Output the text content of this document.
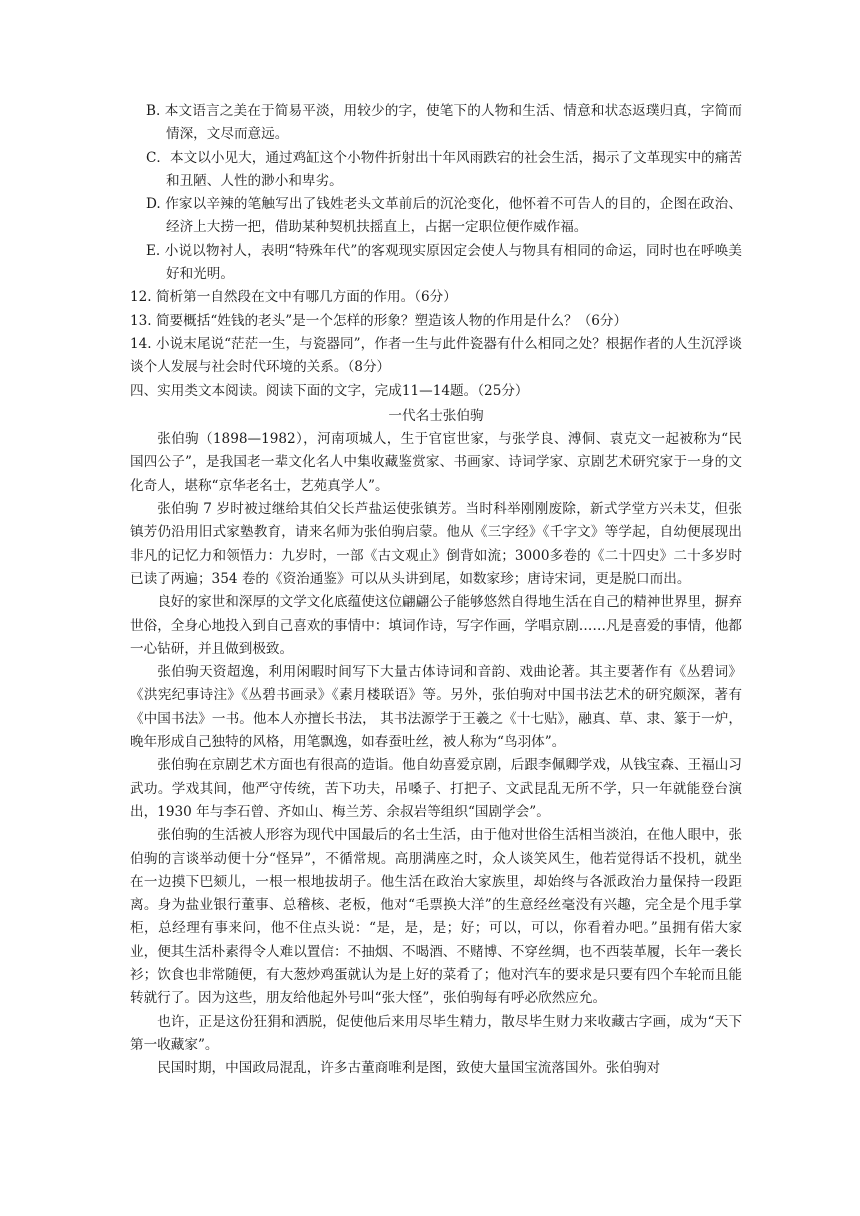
B. 本文语言之美在于简易平淡，用较少的字，使笔下的人物和生活、情意和状态返璞归真，字简而情深，文尽而意远。
C．本文以小见大，通过鸡缸这个小物件折射出十年风雨跌宕的社会生活，揭示了文革现实中的痛苦和丑陋、人性的渺小和卑劣。
D. 作家以辛辣的笔触写出了钱姓老头文革前后的沉沦变化，他怀着不可告人的目的，企图在政治、经济上大捞一把，借助某种契机扶摇直上，占据一定职位便作威作福。
E. 小说以物衬人，表明“特殊年代”的客观现实原因定会使人与物具有相同的命运，同时也在呼唤美好和光明。
12. 简析第一自然段在文中有哪几方面的作用。（6分）
13. 简要概括“姓钱的老头”是一个怎样的形象？塑造该人物的作用是什么？（6分）
14. 小说末尾说“茫茫一生，与瓷器同”，作者一生与此件瓷器有什么相同之处？根据作者的人生沉浮谈谈个人发展与社会时代环境的关系。（8分）
四、实用类文本阅读。阅读下面的文字，完成11—14题。（25分）
一代名士张伯驹
张伯驹（1898—1982），河南项城人，生于官宦世家，与张学良、溥侗、袁克文一起被称为“民国四公子”，是我国老一辈文化名人中集收藏鉴赏家、书画家、诗词学家、京剧艺术研究家于一身的文化奇人，堪称“京华老名士，艺苑真学人”。
张伯驹 7 岁时被过继给其伯父长芦盐运使张镇芳。当时科举刚刚废除，新式学堂方兴未艾，但张镇芳仍沿用旧式家塾教育，请来名师为张伯驹启蒙。他从《三字经》《千字文》等学起，自幼便展现出非凡的记忆力和领悟力：九岁时，一部《古文观止》倒背如流；3000多卷的《二十四史》二十多岁时已读了两遍；354 卷的《资治通鉴》可以从头讲到尾，如数家珍；唐诗宋词，更是脱口而出。
良好的家世和深厚的文学文化底蕴使这位翩翩公子能够悠然自得地生活在自己的精神世界里，摒弃世俗，全身心地投入到自己喜欢的事情中：填词作诗，写字作画，学唱京剧……凡是喜爱的事情，他都一心钻研，并且做到极致。
张伯驹天资超逸，利用闲暇时间写下大量古体诗词和音韵、戏曲论著。其主要著作有《丛碧词》《洪宪纪事诗注》《丛碧书画录》《素月楼联语》等。另外，张伯驹对中国书法艺术的研究颇深，著有《中国书法》一书。他本人亦擅长书法， 其书法源学于王羲之《十七贴》，融真、草、隶、篆于一炉，晚年形成自己独特的风格，用笔飘逸，如春蚕吐丝，被人称为“鸟羽体”。
张伯驹在京剧艺术方面也有很高的造诣。他自幼喜爱京剧，后跟李佩卿学戏，从钱宝森、王福山习武功。学戏其间，他严守传统，苦下功夫，吊嗓子、打把子、文武昆乱无所不学，只一年就能登台演出，1930 年与李石曾、齐如山、梅兰芳、余叔岩等组织“国剧学会”。
张伯驹的生活被人形容为现代中国最后的名士生活，由于他对世俗生活相当淡泊，在他人眼中，张伯驹的言谈举动便十分“怪异”，不循常规。高朋满座之时，众人谈笑风生，他若觉得话不投机，就坐在一边摸下巴颏儿，一根一根地拔胡子。他生活在政治大家族里，却始终与各派政治力量保持一段距离。身为盐业银行董事、总稽核、老板，他对“毛票换大洋”的生意经丝毫没有兴趣，完全是个甩手掌柜，总经理有事来问，他不住点头说：“是，是，是；好；可以，可以，你看着办吧。”虽拥有偌大家业，便其生活朴素得令人难以置信：不抽烟、不喝酒、不赌博、不穿丝绸，也不西装革履，长年一袭长衫；饮食也非常随便，有大葱炒鸡蛋就认为是上好的菜肴了；他对汽车的要求是只要有四个车轮而且能转就行了。因为这些，朋友给他起外号叫“张大怪”，张伯驹每有呼必欣然应允。
也许，正是这份狂狷和洒脱，促使他后来用尽毕生精力，散尽毕生财力来收藏古字画，成为“天下第一收藏家”。
民国时期，中国政局混乱，许多古董商唯利是图，致使大量国宝流落国外。张伯驹对
